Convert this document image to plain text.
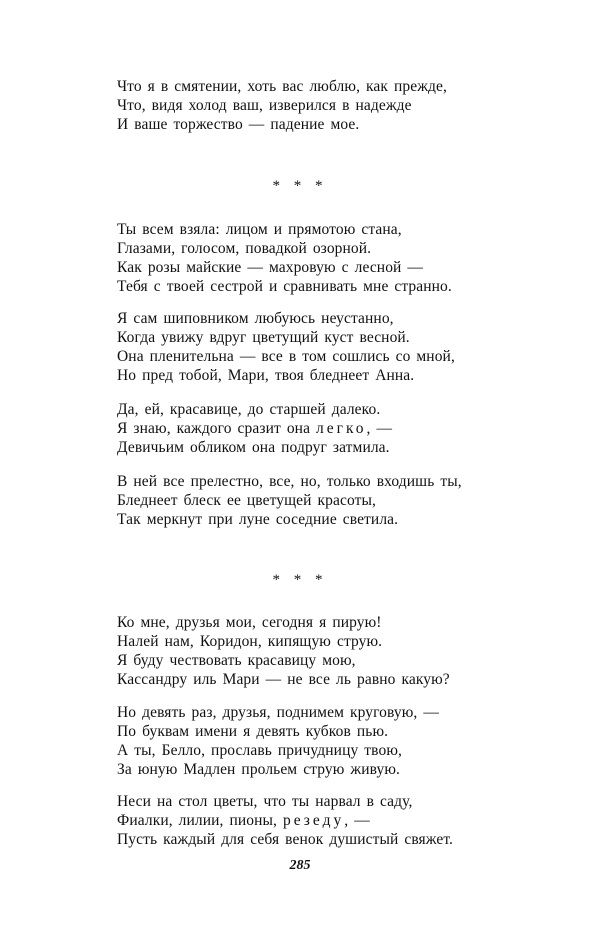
Что я в смятении, хоть вас люблю, как прежде,
Что, видя холод ваш, изверился в надежде
И ваше торжество — падение мое.

* * *

Ты всем взяла: лицом и прямотою стана,
Глазами, голосом, повадкой озорной.
Как розы майские — махровую с лесной —
Тебя с твоей сестрой и сравнивать мне странно.
Я сам шиповником любуюсь неустанно,
Когда увижу вдруг цветущий куст весной.
Она пленительна — все в том сошлись со мной,
Но пред тобой, Мари, твоя бледнеет Анна.
Да, ей, красавице, до старшей далеко.
Я знаю, каждого сразит она легко, —
Девичьим обликом она подруг затмила.
В ней все прелестно, все, но, только входишь ты,
Бледнеет блеск ее цветущей красоты,
Так меркнут при луне соседние светила.

* * *

Ко мне, друзья мои, сегодня я пирую!
Налей нам, Коридон, кипящую струю.
Я буду чествовать красавицу мою,
Кассандру иль Мари — не все ль равно какую?
Но девять раз, друзья, поднимем круговую, —
По буквам имени я девять кубков пью.
А ты, Белло, прославь причудницу твою,
За юную Мадлен прольем струю живую.
Неси на стол цветы, что ты нарвал в саду,
Фиалки, лилии, пионы, резеду, —
Пусть каждый для себя венок душистый свяжет.

285
